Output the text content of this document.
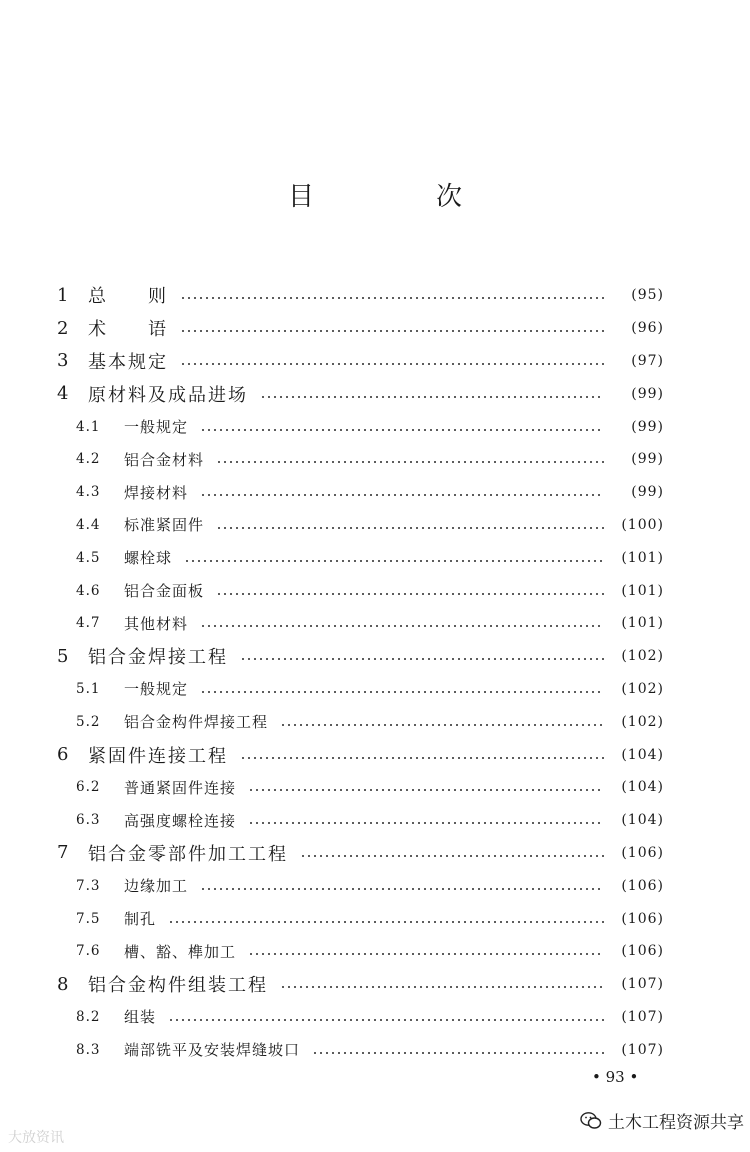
目　次
1	总　　则	(95)
2	术　　语	(96)
3	基本规定	(97)
4	原材料及成品进场	(99)
4.1	一般规定	(99)
4.2	铝合金材料	(99)
4.3	焊接材料	(99)
4.4	标准紧固件	(100)
4.5	螺栓球	(101)
4.6	铝合金面板	(101)
4.7	其他材料	(101)
5	铝合金焊接工程	(102)
5.1	一般规定	(102)
5.2	铝合金构件焊接工程	(102)
6	紧固件连接工程	(104)
6.2	普通紧固件连接	(104)
6.3	高强度螺栓连接	(104)
7	铝合金零部件加工工程	(106)
7.3	边缘加工	(106)
7.5	制孔	(106)
7.6	槽、豁、榫加工	(106)
8	铝合金构件组装工程	(107)
8.2	组装	(107)
8.3	端部铣平及安装焊缝坡口	(107)
• 93 •
大放资讯
土木工程资源共享
